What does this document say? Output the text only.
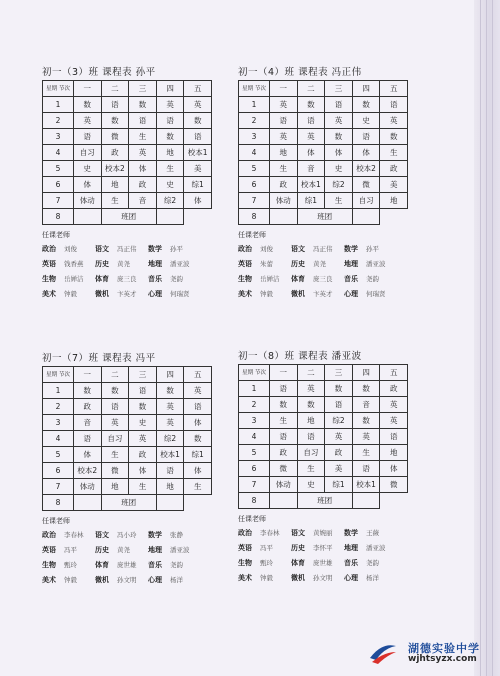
初一（3）班 课程表 孙平
星期 节次	一	二	三	四	五
1	数	语	数	英	英
2	英	数	语	语	数
3	语	微	生	数	语
4	自习	政	英	地	校本1
5	史	校本2	体	生	美
6	体	地	政	史	综1
7	体动	生	音	综2	体
8		班团			
任课老师
政治	刘俊	语文	冯正伟	数学	孙平
英语	钱香燕	历史	黄尧	地理	潘亚波
生物	岳婵洁	体育	庞三良	音乐	尧韵
美术	钟毅	微机	卞英才	心理	何瑞贤
初一（4）班 课程表 冯正伟
星期 节次	一	二	三	四	五
1	英	数	语	数	语
2	语	语	英	史	英
3	英	英	数	语	数
4	地	体	体	体	生
5	生	音	史	校本2	政
6	政	校本1	综2	微	美
7	体动	综1	生	自习	地
8		班团			
任课老师
政治	刘俊	语文	冯正伟	数学	孙平
英语	朱蕾	历史	黄尧	地理	潘亚波
生物	岳婵洁	体育	庞三良	音乐	尧韵
美术	钟毅	微机	卞英才	心理	何瑞贤
初一（7）班 课程表 冯平
星期 节次	一	二	三	四	五
1	数	数	语	数	英
2	政	语	数	英	语
3	音	英	史	英	体
4	语	自习	英	综2	数
5	体	生	政	校本1	综1
6	校本2	微	体	语	体
7	体动	地	生	地	生
8		班团			
任课老师
政治	李春林	语文	冯小玲	数学	张静
英语	冯平	历史	黄尧	地理	潘亚波
生物	甄玲	体育	庞世雄	音乐	尧韵
美术	钟毅	微机	孙文明	心理	杨洋
初一（8）班 课程表 潘亚波
星期 节次	一	二	三	四	五
1	语	英	数	数	政
2	数	数	语	音	英
3	生	地	综2	数	英
4	语	语	英	英	语
5	政	自习	政	生	地
6	微	生	美	语	体
7	体动	史	综1	校本1	微
8		班团			
任课老师
政治	李春林	语文	黄婉丽	数学	王薇
英语	冯平	历史	李怀平	地理	潘亚波
生物	甄玲	体育	庞世雄	音乐	尧韵
美术	钟毅	微机	孙文明	心理	杨洋
湖德实验中学
wjhtsyzx.com
